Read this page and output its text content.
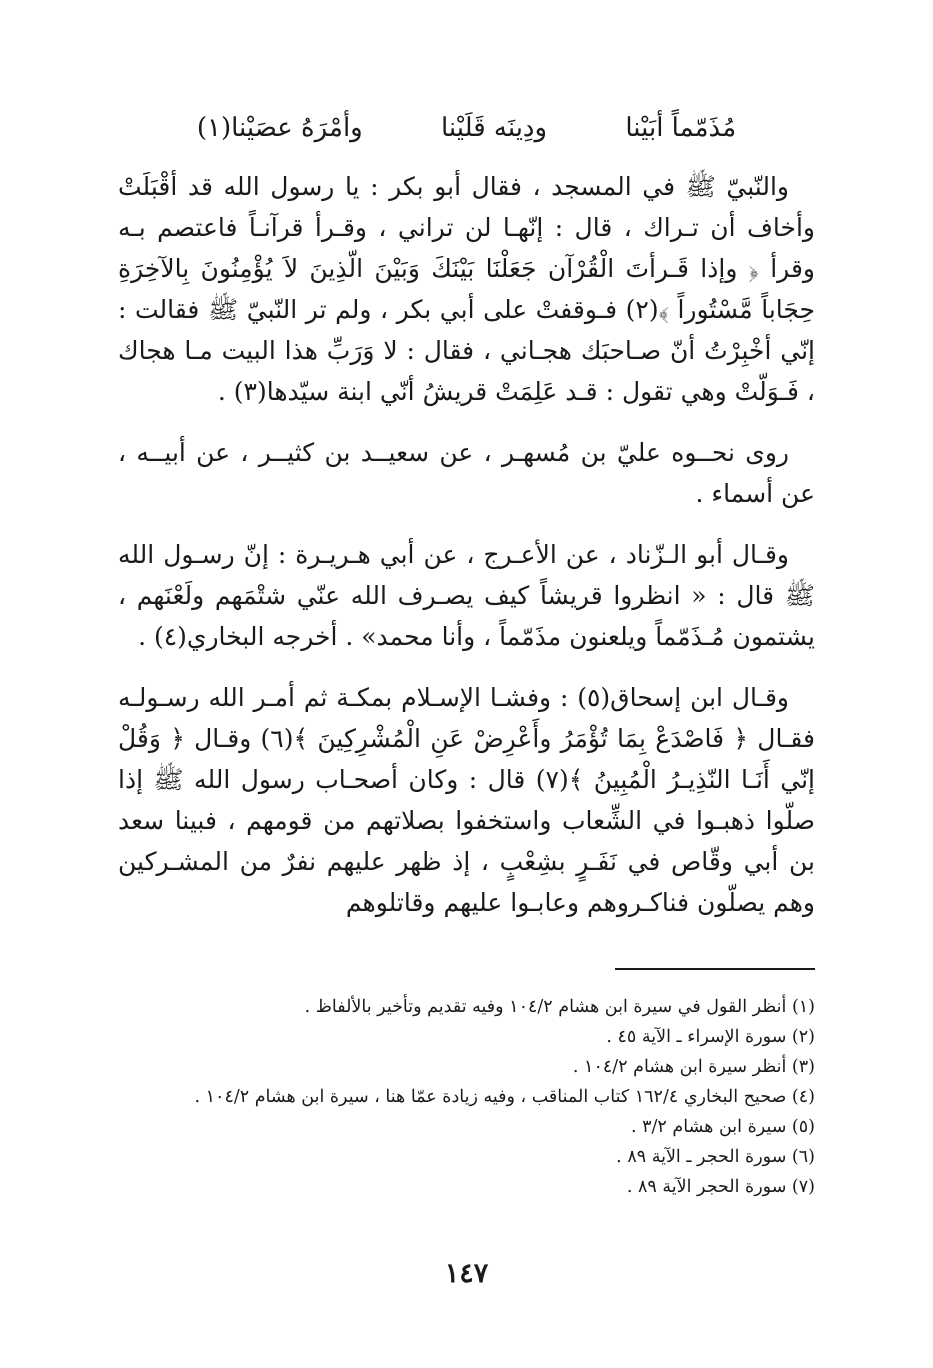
مُذَمّماً أبَيْنا ودِينَه قَلَيْنا وأمْرَهُ عصَيْنا(١)

والنّبيّ ﷺ في المسجد ، فقال أبو بكر : يا رسول الله قد أقْبَلَتْ وأخاف أن تـراك ، قال : إنّهـا لن تراني ، وقـرأ قرآنـاً فاعتصم بـه وقرأ ﴿ وإذا قَـرأتَ الْقُرْآن جَعَلْنَا بَيْنَكَ وَبَيْنَ الّذِينَ لاَ يُؤْمِنُونَ بِالآخِرَةِ حِجَاباً مَّسْتُوراً ﴾(٢) فـوقفتْ على أبي بكر ، ولم تر النّبيّ ﷺ فقالت : إنّي أخْبِرْتُ أنّ صـاحبَك هجـاني ، فقال : لا وَرَبِّ هذا البيت مـا هجاك ، فَـوَلّتْ وهي تقول : قـد عَلِمَتْ قريشُ أنّي ابنة سيّدها(٣) .

روى نحــوه عليّ بن مُسهـر ، عن سعيــد بن كثيــر ، عن أبيــه ، عن أسماء .

وقـال أبو الـزّناد ، عن الأعـرج ، عن أبي هـريـرة : إنّ رسـول الله ﷺ قال : « انظروا قريشاً كيف يصـرف الله عنّي شتْمَهم ولَعْنَهم ، يشتمون مُـذَمّماً ويلعنون مذَمّماً ، وأنا محمد» . أخرجه البخاري(٤) .

وقـال ابن إسحاق(٥) : وفشـا الإسـلام بمكـة ثم أمـر الله رسـولـه فقـال ﴿ فَاصْدَعْ بِمَا تُؤْمَرُ وأَعْرِضْ عَنِ الْمُشْرِكِينَ ﴾(٦) وقـال ﴿ وَقُلْ إنّي أَنَـا النّذِيـرُ الْمُبِينُ ﴾(٧) قال : وكان أصحـاب رسول الله ﷺ إذا صلّوا ذهبـوا في الشِّعاب واستخفوا بصلاتهم من قومهم ، فبينا سعد بن أبي وقّاص في نَفَـرٍ بشِعْبٍ ، إذ ظهر عليهم نفرٌ من المشـركين وهم يصلّون فناكـروهم وعابـوا عليهم وقاتلوهم

(١) أنظر القول في سيرة ابن هشام ١٠٤/٢ وفيه تقديم وتأخير بالألفاظ .
(٢) سورة الإسراء ـ الآية ٤٥ .
(٣) أنظر سيرة ابن هشام ١٠٤/٢ .
(٤) صحيح البخاري ١٦٢/٤ كتاب المناقب ، وفيه زيادة عمّا هنا ، سيرة ابن هشام ١٠٤/٢ .
(٥) سيرة ابن هشام ٣/٢ .
(٦) سورة الحجر ـ الآية ٨٩ .
(٧) سورة الحجر الآية ٨٩ .
١٤٧
